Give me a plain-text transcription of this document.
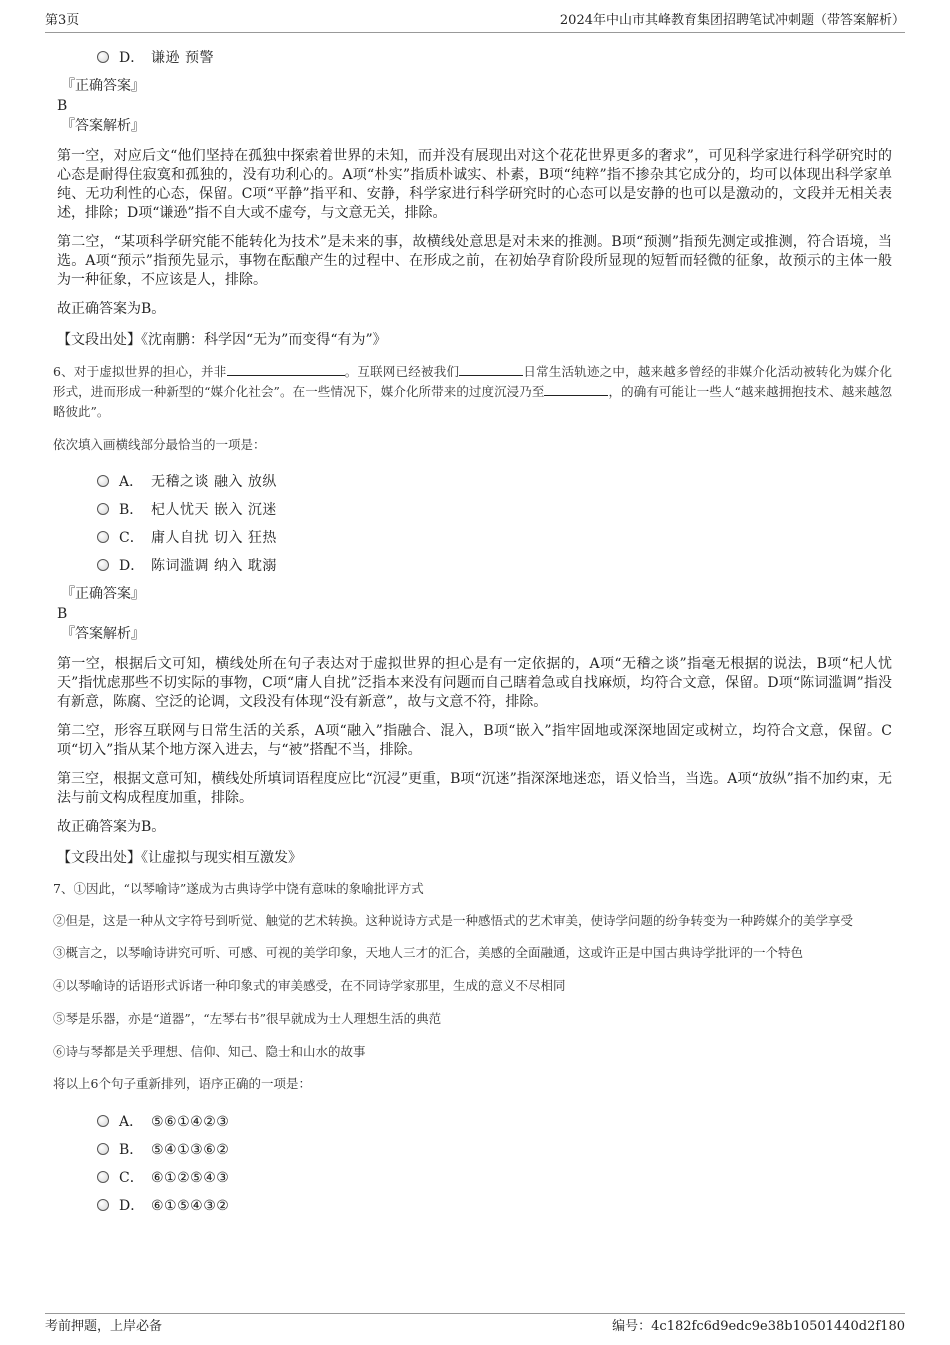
第3页	2024年中山市其峰教育集团招聘笔试冲刺题（带答案解析）
D． 谦逊 预警
『正确答案』
B
『答案解析』

第一空，对应后文“他们坚持在孤独中探索着世界的未知，而并没有展现出对这个花花世界更多的奢求”，可见科学家进行科学研究时的心态是耐得住寂寞和孤独的，没有功利心的。A项“朴实”指质朴诚实、朴素，B项“纯粹”指不掺杂其它成分的，均可以体现出科学家单纯、无功利性的心态，保留。C项“平静”指平和、安静，科学家进行科学研究时的心态可以是安静的也可以是激动的，文段并无相关表述，排除；D项“谦逊”指不自大或不虚夸，与文意无关，排除。

第二空，“某项科学研究能不能转化为技术”是未来的事，故横线处意思是对未来的推测。B项“预测”指预先测定或推测，符合语境，当选。A项“预示”指预先显示，事物在酝酿产生的过程中、在形成之前，在初始孕育阶段所显现的短暂而轻微的征象，故预示的主体一般为一种征象，不应该是人，排除。

故正确答案为B。

【文段出处】《沈南鹏：科学因“无为”而变得“有为”》

6、对于虚拟世界的担心，并非	。互联网已经被我们	日常生活轨迹之中，越来越多曾经的非媒介化活动被转化为媒介化形式，进而形成一种新型的“媒介化社会”。在一些情况下，媒介化所带来的过度沉浸乃至	，的确有可能让一些人“越来越拥抱技术、越来越忽略彼此”。

依次填入画横线部分最恰当的一项是：

A． 无稽之谈 融入 放纵
B． 杞人忧天 嵌入 沉迷
C． 庸人自扰 切入 狂热
D． 陈词滥调 纳入 耽溺
『正确答案』
B
『答案解析』

第一空，根据后文可知，横线处所在句子表达对于虚拟世界的担心是有一定依据的，A项“无稽之谈”指毫无根据的说法，B项“杞人忧天”指忧虑那些不切实际的事物，C项“庸人自扰”泛指本来没有问题而自己瞎着急或自找麻烦，均符合文意，保留。D项“陈词滥调”指没有新意，陈腐、空泛的论调，文段没有体现“没有新意”，故与文意不符，排除。

第二空，形容互联网与日常生活的关系，A项“融入”指融合、混入，B项“嵌入”指牢固地或深深地固定或树立，均符合文意，保留。C项“切入”指从某个地方深入进去，与“被”搭配不当，排除。

第三空，根据文意可知，横线处所填词语程度应比“沉浸”更重，B项“沉迷”指深深地迷恋，语义恰当，当选。A项“放纵”指不加约束，无法与前文构成程度加重，排除。

故正确答案为B。

【文段出处】《让虚拟与现实相互激发》

7、①因此，“以琴喻诗”遂成为古典诗学中饶有意味的象喻批评方式

②但是，这是一种从文字符号到听觉、触觉的艺术转换。这种说诗方式是一种感悟式的艺术审美，使诗学问题的纷争转变为一种跨媒介的美学享受

③概言之，以琴喻诗讲究可听、可感、可视的美学印象，天地人三才的汇合，美感的全面融通，这或许正是中国古典诗学批评的一个特色

④以琴喻诗的话语形式诉诸一种印象式的审美感受，在不同诗学家那里，生成的意义不尽相同

⑤琴是乐器，亦是“道器”，“左琴右书”很早就成为士人理想生活的典范

⑥诗与琴都是关乎理想、信仰、知己、隐士和山水的故事

将以上6个句子重新排列，语序正确的一项是：

A． ⑤⑥①④②③
B． ⑤④①③⑥②
C． ⑥①②⑤④③
D． ⑥①⑤④③②
考前押题，上岸必备	编号：4c182fc6d9edc9e38b10501440d2f180
